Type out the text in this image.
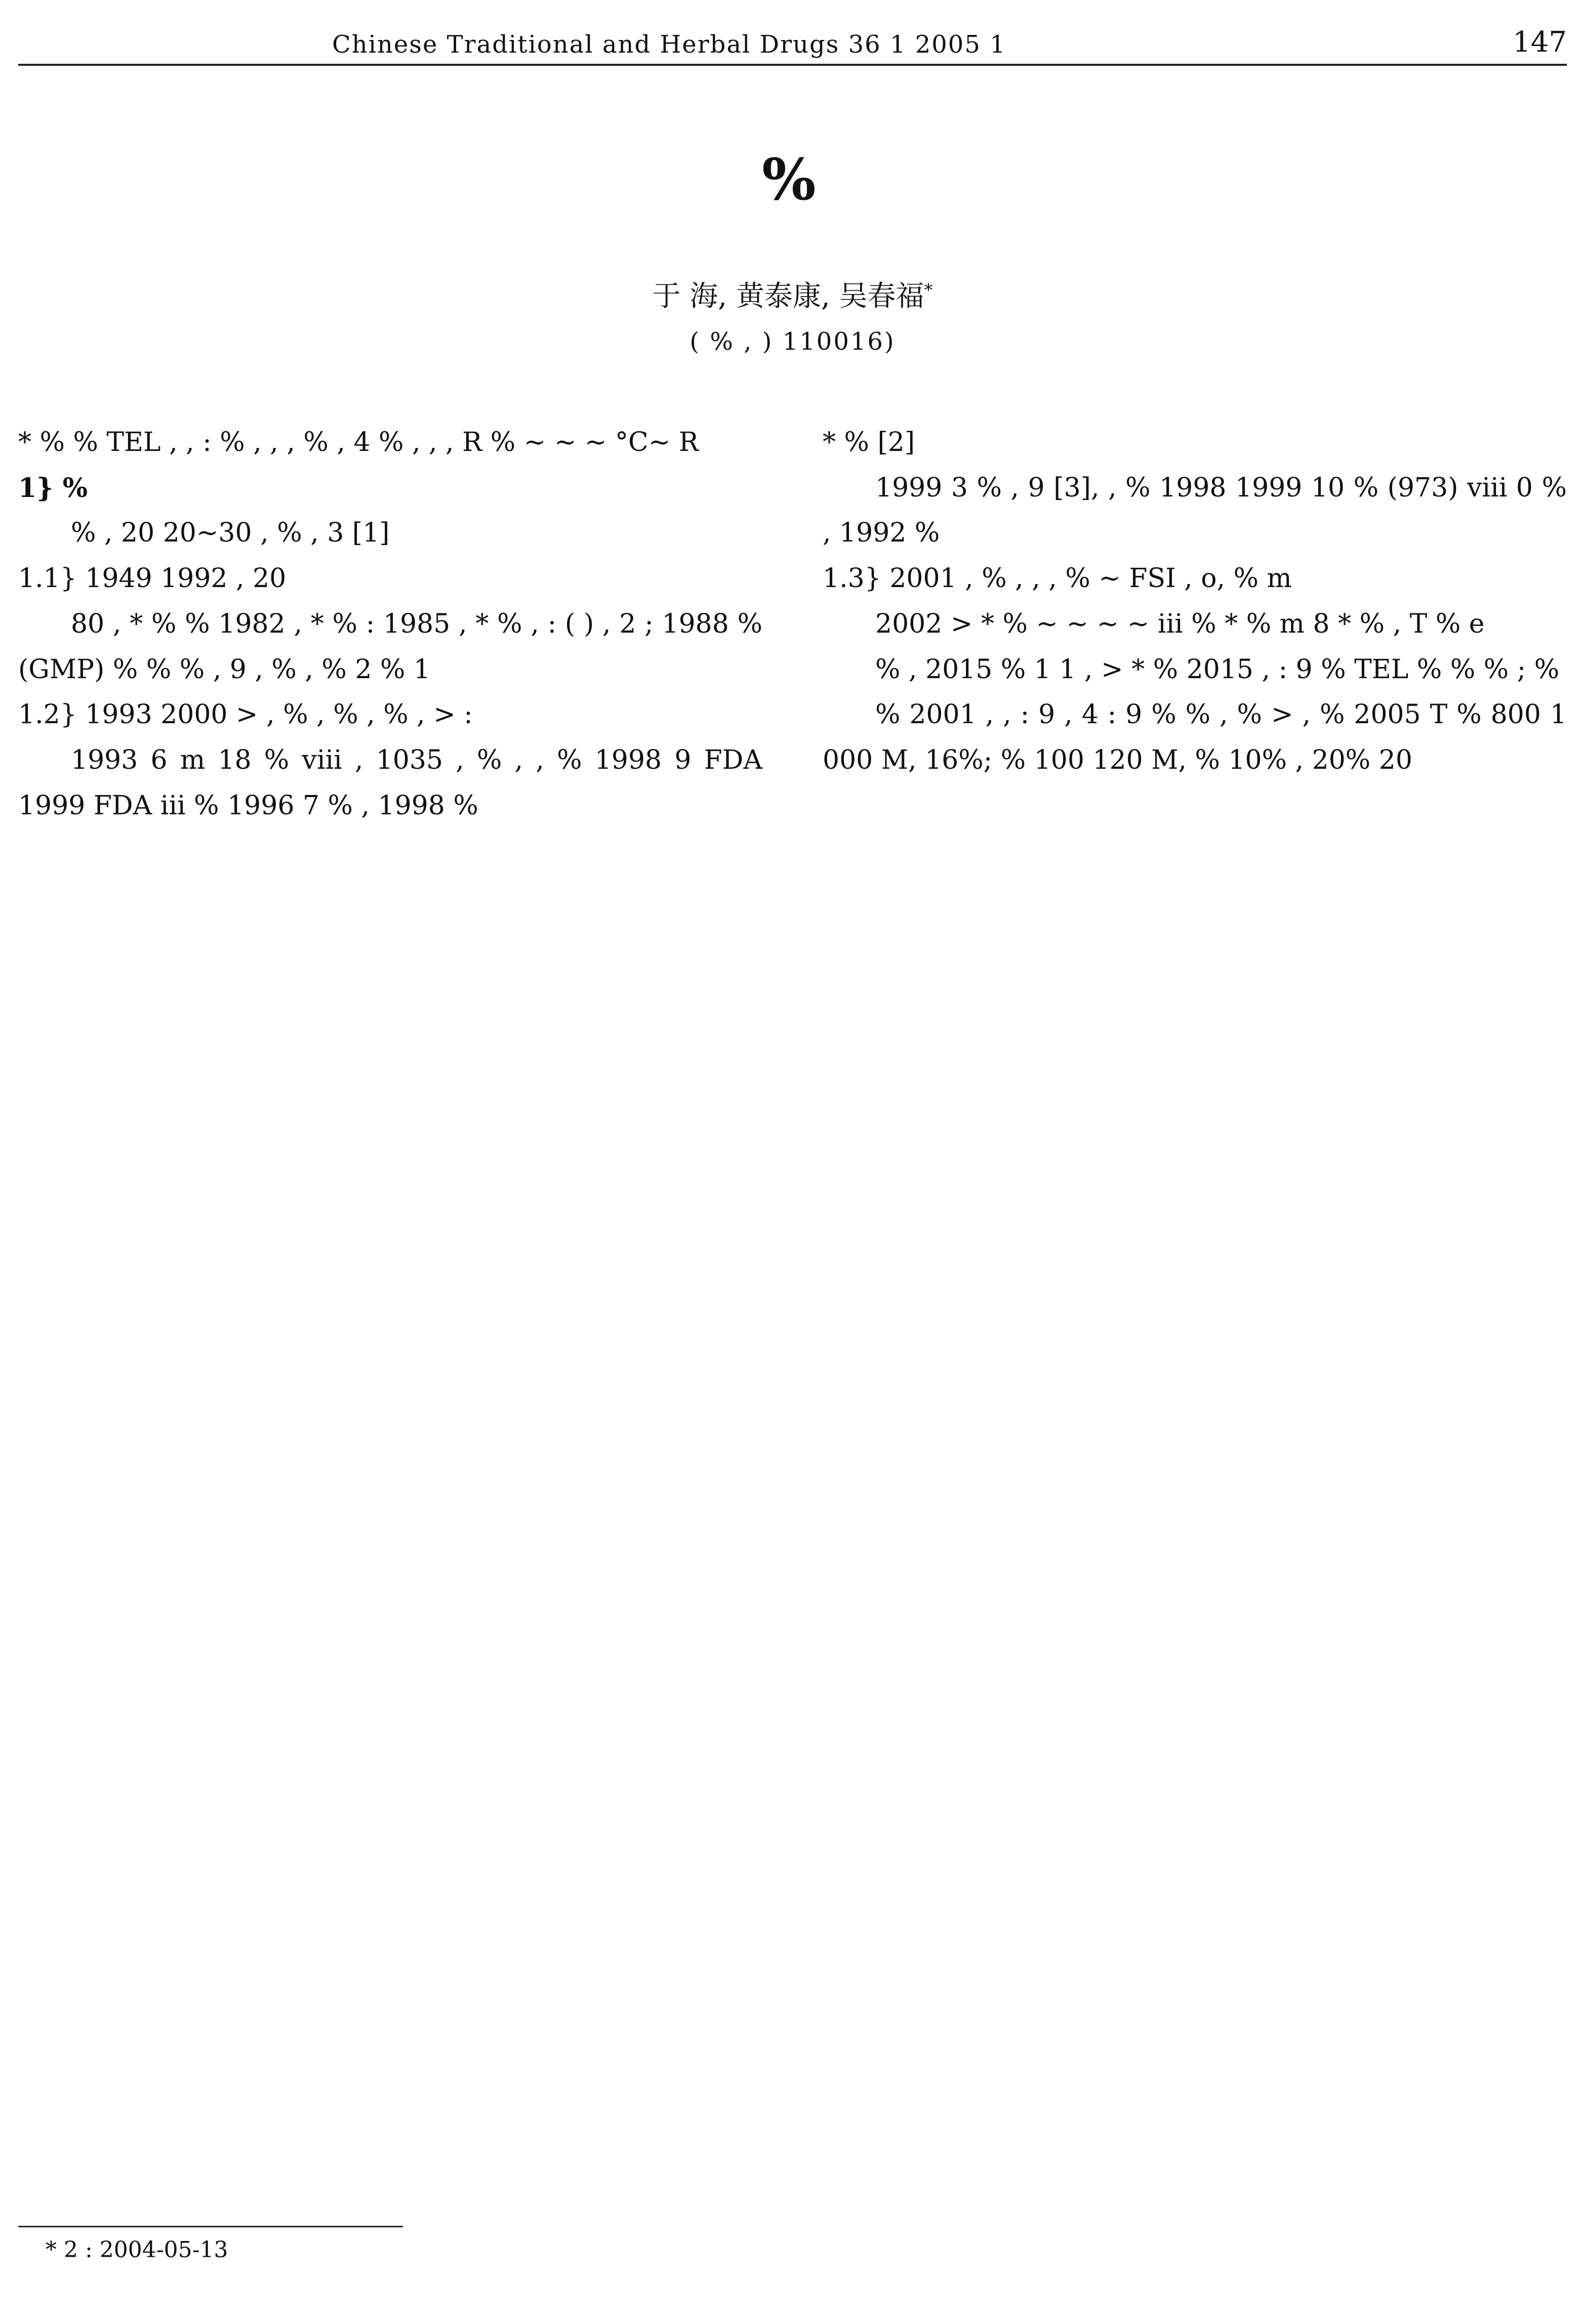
Chinese Traditional and Herbal Drugs 36 1 2005 1	147
%
于 海, 黄泰康, 吴春福*
( % , ) 110016)

* % % TEL , , : % , , , % , 4 % , , , R % ~ ~ ~ °C~ R

1} %

% , 20 20~30 , % , 3 [1]

1.1} 1949 1992 , 20

80 , * % % 1982 , * % : 1985 , * % , : ( ) , 2 ; 1988 % (GMP) % % % , 9 , % , % 2 % 1

1.2} 1993 2000 > , % , % , % , > :

1993 6 m 18 % viii , 1035 , % , , % 1998 9 FDA 1999 FDA iii % 1996 7 % , 1998 %

* % [2]

1999 3 % , 9 [3], , % 1998 1999 10 % (973) viii 0 % , 1992 %

1.3} 2001 , % , , , % ~ FSI , o, % m

2002 > * % ~ ~ ~ ~ iii % * % m 8 * % , T % e

% , 2015 % 1 1 , > * % 2015 , : 9 % TEL % % % ; %

% 2001 , , : 9 , 4 : 9 % % , % > , % 2005 T % 800 1 000 M, 16%; % 100 120 M, % 10% , 20% 20

* 2 : 2004-05-13
